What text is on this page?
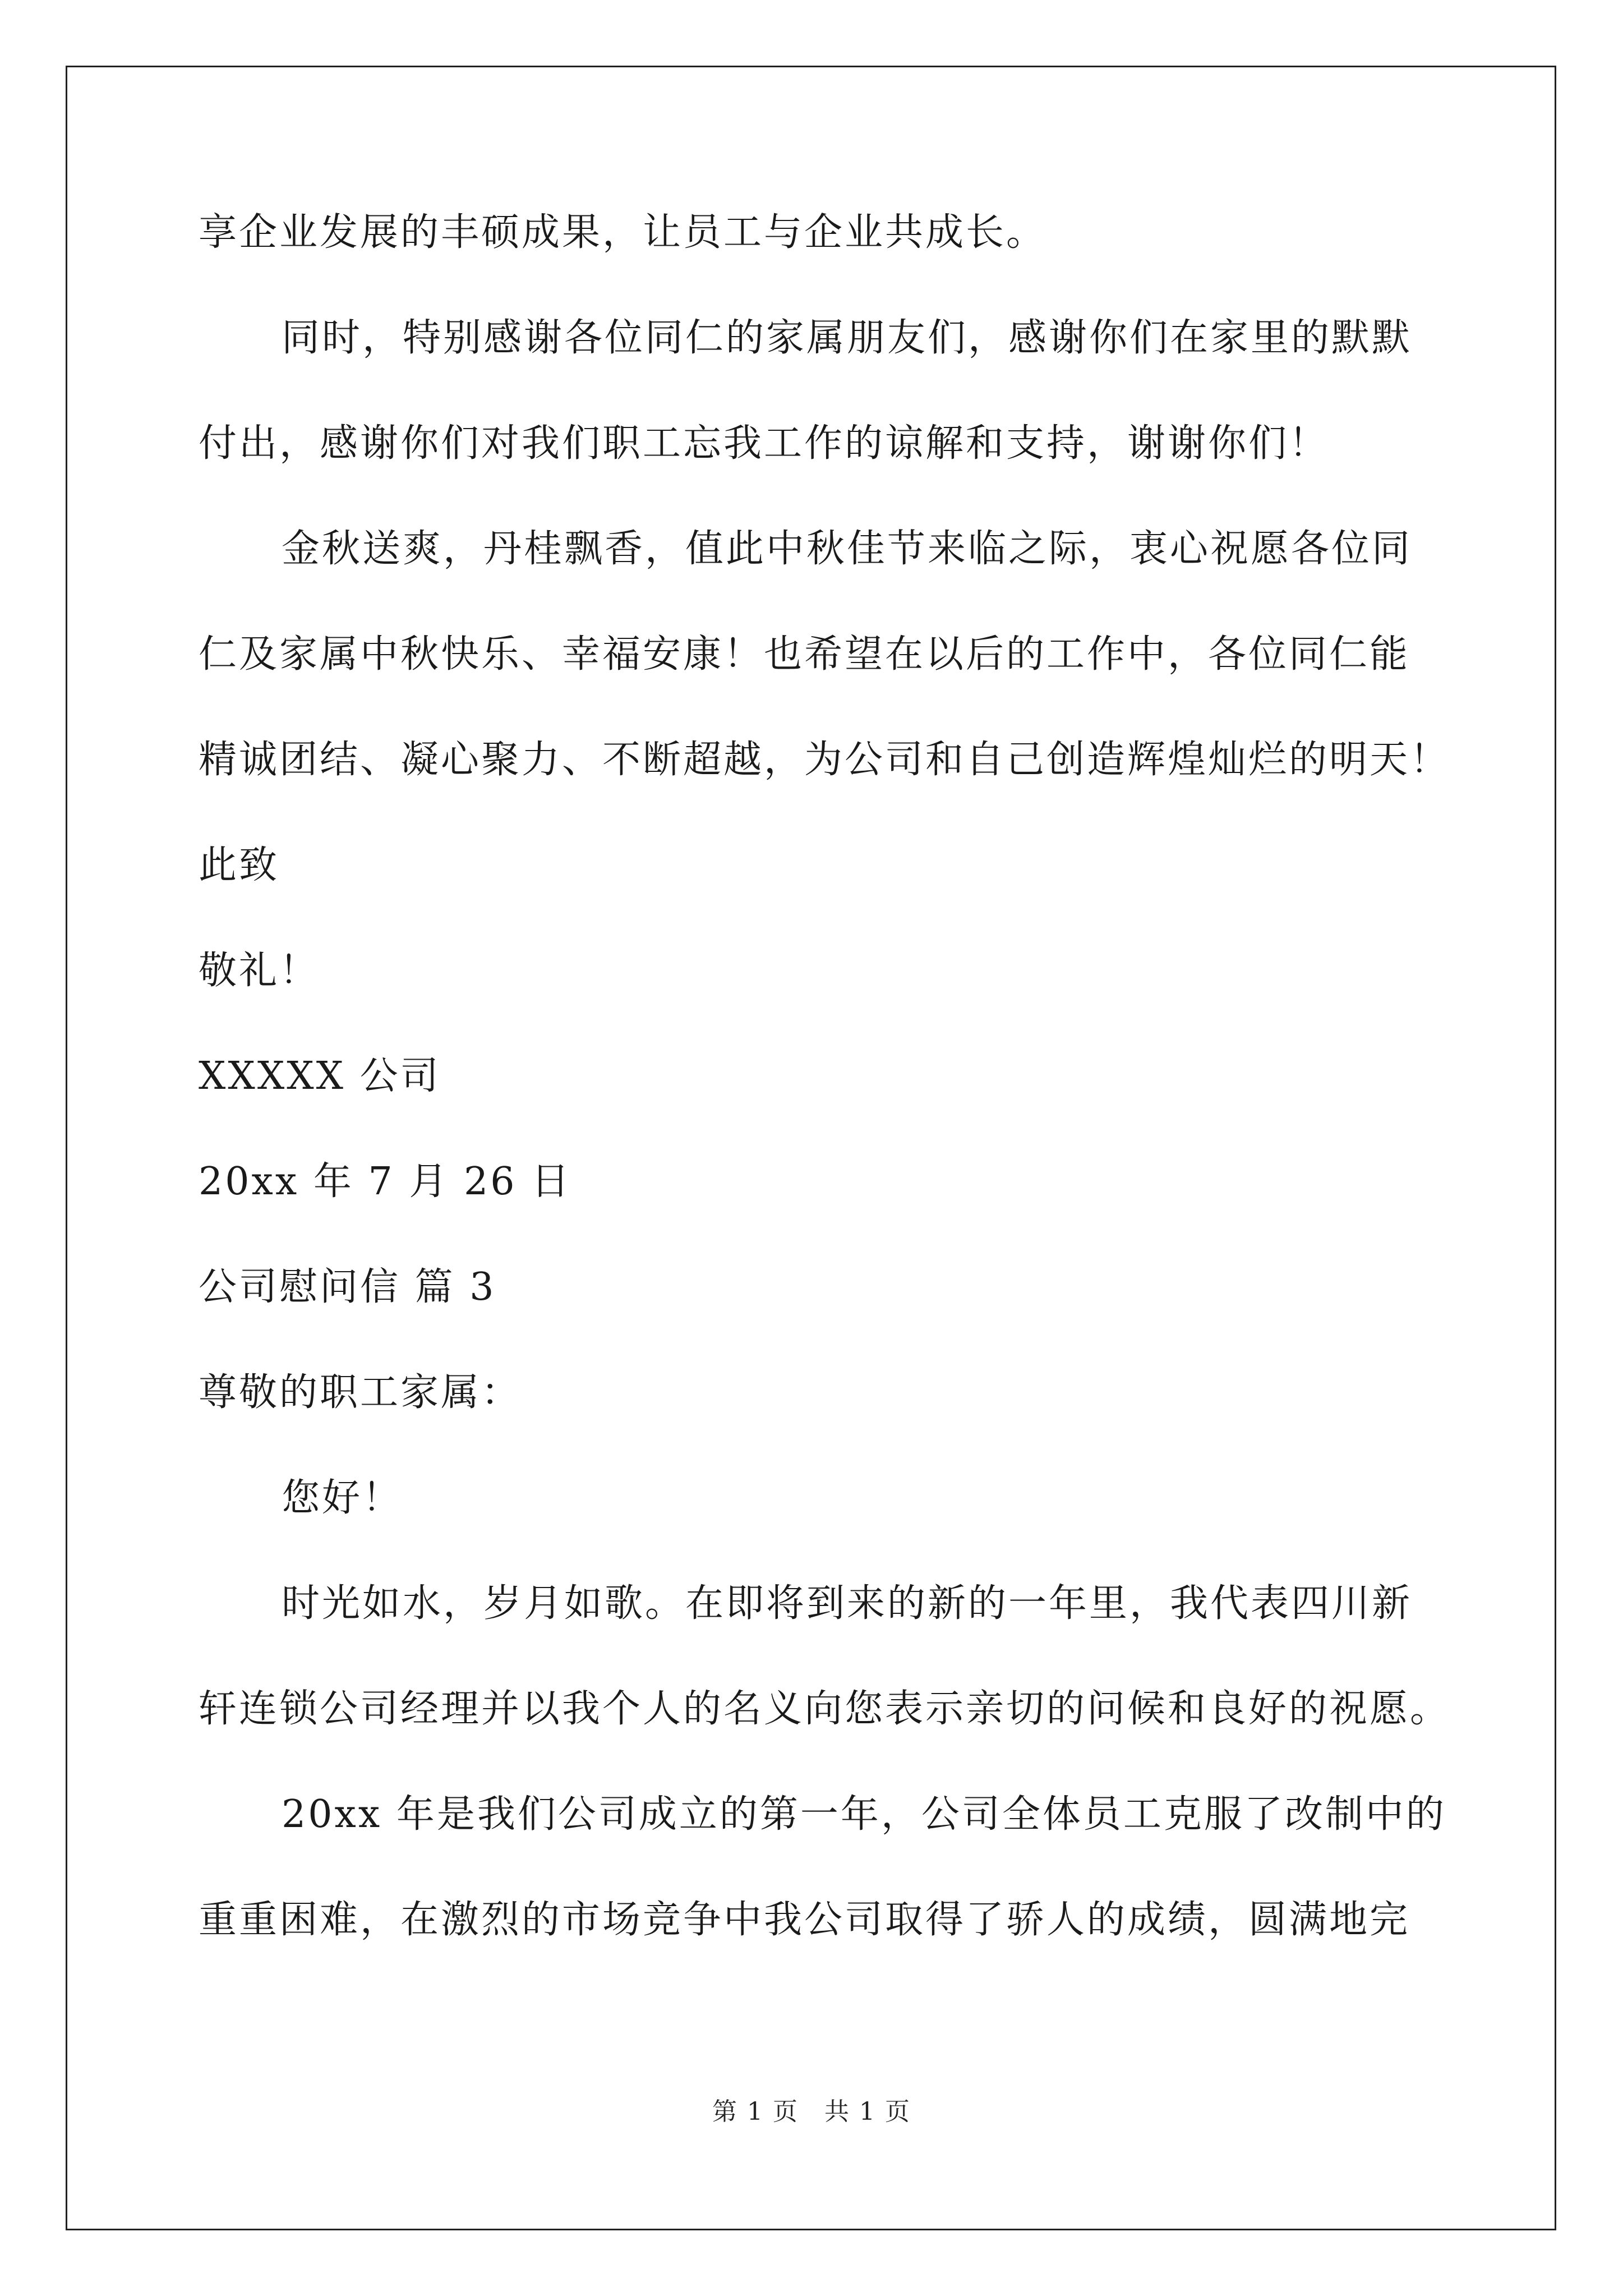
享企业发展的丰硕成果，让员工与企业共成长。
同时，特别感谢各位同仁的家属朋友们，感谢你们在家里的默默
付出，感谢你们对我们职工忘我工作的谅解和支持，谢谢你们！
金秋送爽，丹桂飘香，值此中秋佳节来临之际，衷心祝愿各位同
仁及家属中秋快乐、幸福安康！也希望在以后的工作中，各位同仁能
精诚团结、凝心聚力、不断超越，为公司和自己创造辉煌灿烂的明天！
此致
敬礼！
XXXXX 公司
20xx 年 7 月 26 日
公司慰问信 篇 3
尊敬的职工家属：
您好！
时光如水，岁月如歌。在即将到来的新的一年里，我代表四川新
轩连锁公司经理并以我个人的名义向您表示亲切的问候和良好的祝愿。
20xx 年是我们公司成立的第一年，公司全体员工克服了改制中的
重重困难，在激烈的市场竞争中我公司取得了骄人的成绩，圆满地完
第 1 页　共 1 页
